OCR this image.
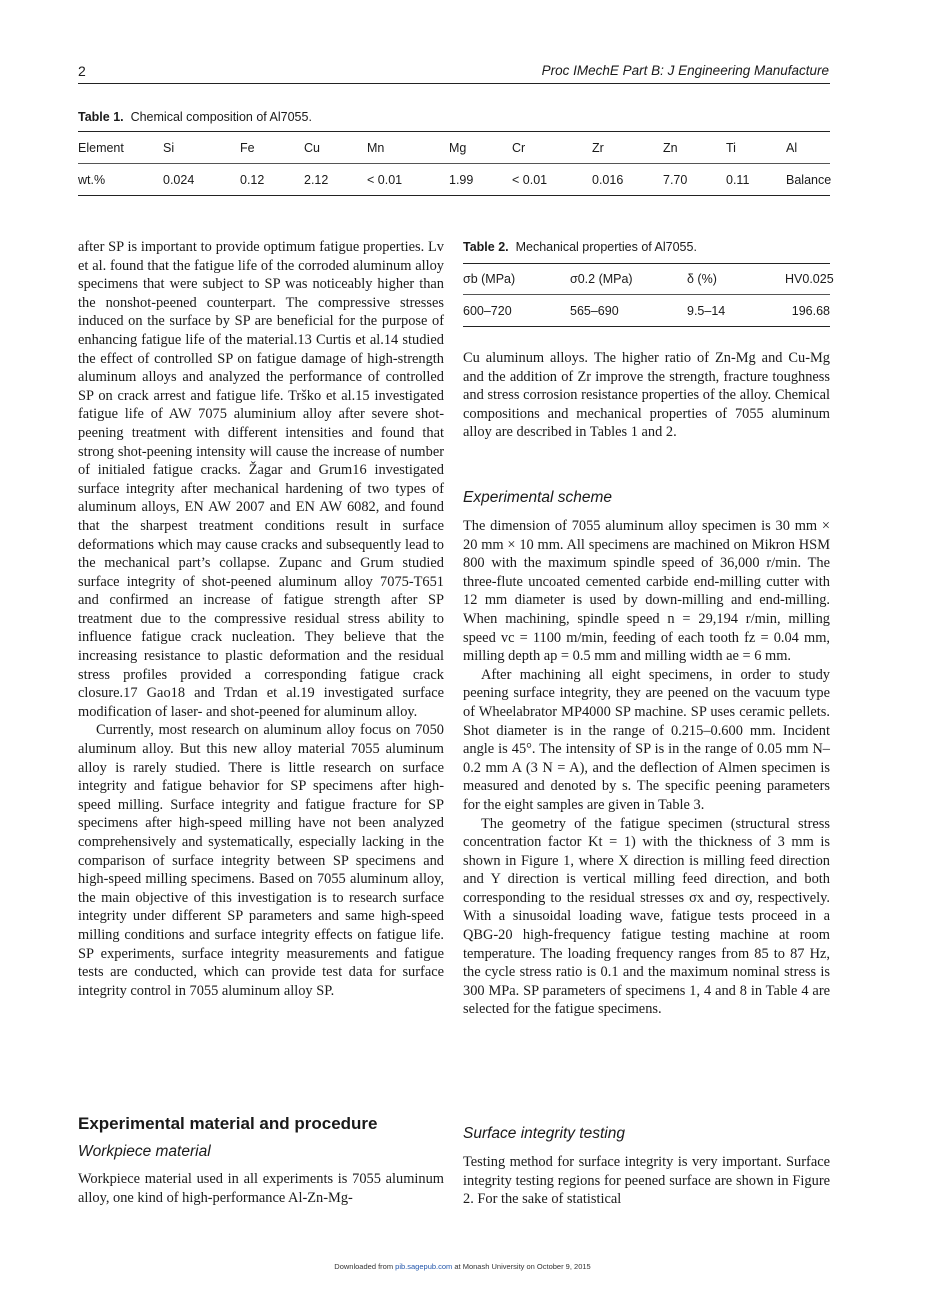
2	Proc IMechE Part B: J Engineering Manufacture
Table 1. Chemical composition of Al7055.
Element	Si	Fe	Cu	Mn	Mg	Cr	Zr	Zn	Ti	Al
wt.%	0.024	0.12	2.12	< 0.01	1.99	< 0.01	0.016	7.70	0.11	Balance

after SP is important to provide optimum fatigue properties. Lv et al. found that the fatigue life of the corroded aluminum alloy specimens that were subject to SP was noticeably higher than the nonshot-peened counterpart. The compressive stresses induced on the surface by SP are beneficial for the purpose of enhancing fatigue life of the material.13 Curtis et al.14 studied the effect of controlled SP on fatigue damage of high-strength aluminum alloys and analyzed the performance of controlled SP on crack arrest and fatigue life. Trško et al.15 investigated fatigue life of AW 7075 aluminium alloy after severe shot-peening treatment with different intensities and found that strong shot-peening intensity will cause the increase of number of initialed fatigue cracks. Žagar and Grum16 investigated surface integrity after mechanical hardening of two types of aluminum alloys, EN AW 2007 and EN AW 6082, and found that the sharpest treatment conditions result in surface deformations which may cause cracks and subsequently lead to the mechanical part’s collapse. Zupanc and Grum studied surface integrity of shot-peened aluminum alloy 7075-T651 and confirmed an increase of fatigue strength after SP treatment due to the compressive residual stress ability to influence fatigue crack nucleation. They believe that the increasing resistance to plastic deformation and the residual stress profiles provided a corresponding fatigue crack closure.17 Gao18 and Trdan et al.19 investigated surface modification of laser- and shot-peened for aluminum alloy.

Currently, most research on aluminum alloy focus on 7050 aluminum alloy. But this new alloy material 7055 aluminum alloy is rarely studied. There is little research on surface integrity and fatigue behavior for SP specimens after high-speed milling. Surface integrity and fatigue fracture for SP specimens after high-speed milling have not been analyzed comprehensively and systematically, especially lacking in the comparison of surface integrity between SP specimens and high-speed milling specimens. Based on 7055 aluminum alloy, the main objective of this investigation is to research surface integrity under different SP parameters and same high-speed milling conditions and surface integrity effects on fatigue life. SP experiments, surface integrity measurements and fatigue tests are conducted, which can provide test data for surface integrity control in 7055 aluminum alloy SP.

Experimental material and procedure
Workpiece material

Workpiece material used in all experiments is 7055 aluminum alloy, one kind of high-performance Al-Zn-Mg-

Table 2. Mechanical properties of Al7055.
σb (MPa)	σ0.2 (MPa)	δ (%)	HV0.025
600–720	565–690	9.5–14	196.68

Cu aluminum alloys. The higher ratio of Zn-Mg and Cu-Mg and the addition of Zr improve the strength, fracture toughness and stress corrosion resistance properties of the alloy. Chemical compositions and mechanical properties of 7055 aluminum alloy are described in Tables 1 and 2.

Experimental scheme

The dimension of 7055 aluminum alloy specimen is 30 mm × 20 mm × 10 mm. All specimens are machined on Mikron HSM 800 with the maximum spindle speed of 36,000 r/min. The three-flute uncoated cemented carbide end-milling cutter with 12 mm diameter is used by down-milling and end-milling. When machining, spindle speed n = 29,194 r/min, milling speed vc = 1100 m/min, feeding of each tooth fz = 0.04 mm, milling depth ap = 0.5 mm and milling width ae = 6 mm.

After machining all eight specimens, in order to study peening surface integrity, they are peened on the vacuum type of Wheelabrator MP4000 SP machine. SP uses ceramic pellets. Shot diameter is in the range of 0.215–0.600 mm. Incident angle is 45°. The intensity of SP is in the range of 0.05 mm N–0.2 mm A (3 N = A), and the deflection of Almen specimen is measured and denoted by s. The specific peening parameters for the eight samples are given in Table 3.

The geometry of the fatigue specimen (structural stress concentration factor Kt = 1) with the thickness of 3 mm is shown in Figure 1, where X direction is milling feed direction and Y direction is vertical milling feed direction, and both corresponding to the residual stresses σx and σy, respectively. With a sinusoidal loading wave, fatigue tests proceed in a QBG-20 high-frequency fatigue testing machine at room temperature. The loading frequency ranges from 85 to 87 Hz, the cycle stress ratio is 0.1 and the maximum nominal stress is 300 MPa. SP parameters of specimens 1, 4 and 8 in Table 4 are selected for the fatigue specimens.

Surface integrity testing

Testing method for surface integrity is very important. Surface integrity testing regions for peened surface are shown in Figure 2. For the sake of statistical

Downloaded from pib.sagepub.com at Monash University on October 9, 2015
